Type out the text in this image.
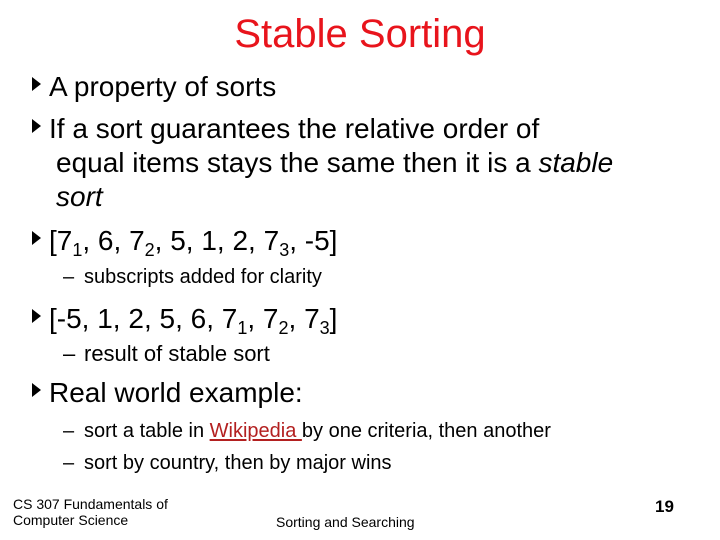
Stable Sorting
A property of sorts
If a sort guarantees the relative order of
equal items stays the same then it is a stable
sort
[$7_1$, 6, $7_2$, 5, 1, 2, $7_3$, -5]
– subscripts added for clarity
[-5, 1, 2, 5, 6, $7_1$, $7_2$, $7_3$]
– result of stable sort
Real world example:
– sort a table in Wikipedia by one criteria, then another
– sort by country, then by major wins
CS 307 Fundamentals of
Computer Science	Sorting and Searching
19
